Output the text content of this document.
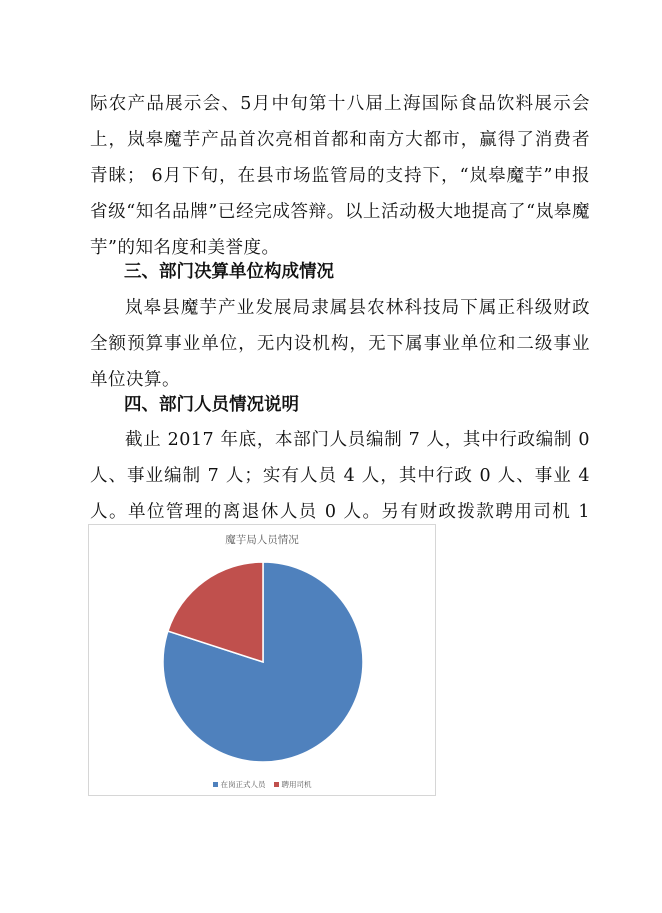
际农产品展示会、5月中旬第十八届上海国际食品饮料展示会上，岚皋魔芋产品首次亮相首都和南方大都市，赢得了消费者青睐； 6月下旬，在县市场监管局的支持下，“岚皋魔芋”申报省级“知名品牌”已经完成答辩。以上活动极大地提高了“岚皋魔芋”的知名度和美誉度。

三、部门决算单位构成情况

岚皋县魔芋产业发展局隶属县农林科技局下属正科级财政全额预算事业单位，无内设机构，无下属事业单位和二级事业单位决算。

四、部门人员情况说明

截止 2017 年底，本部门人员编制 7 人，其中行政编制 0 人、事业编制 7 人；实有人员 4 人，其中行政 0 人、事业 4 人。单位管理的离退休人员 0 人。另有财政拨款聘用司机 1

魔芋局人员情况
在岗正式人员 聘用司机
